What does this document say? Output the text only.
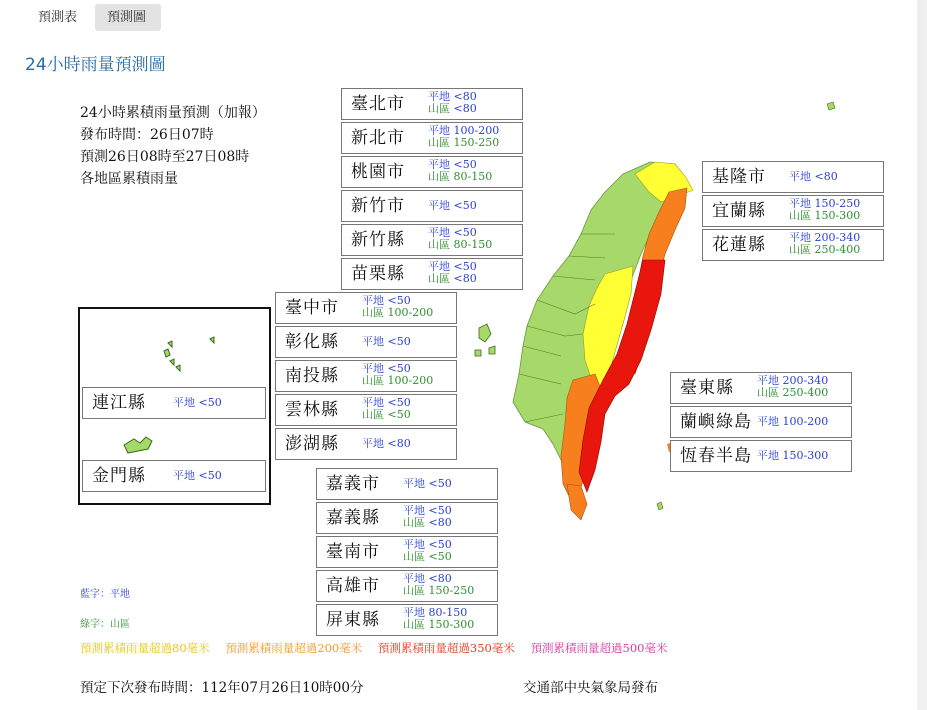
預測表	預測圖
24小時雨量預測圖
24小時累積雨量預測（加報）
發布時間：26日07時
預測26日08時至27日08時
各地區累積雨量
臺北市 平地 <80
山區 <80
新北市 平地 100-200
山區 150-250
桃園市 平地 <50
山區 80-150
新竹市 平地 <50
新竹縣 平地 <50
山區 80-150
苗栗縣 平地 <50
山區 <80
臺中市 平地 <50
山區 100-200
彰化縣 平地 <50
南投縣 平地 <50
山區 100-200
雲林縣 平地 <50
山區 <50
澎湖縣 平地 <80
嘉義市 平地 <50
嘉義縣 平地 <50
山區 <80
臺南市 平地 <50
山區 <50
高雄市 平地 <80
山區 150-250
屏東縣 平地 80-150
山區 150-300
基隆市 平地 <80
宜蘭縣 平地 150-250
山區 150-300
花蓮縣 平地 200-340
山區 250-400
臺東縣 平地 200-340
山區 250-400
蘭嶼綠島 平地 100-200
恆春半島 平地 150-300
連江縣 平地 <50
金門縣 平地 <50
藍字：平地
綠字：山區
預測累積雨量超過80毫米 預測累積雨量超過200毫米 預測累積雨量超過350毫米 預測累積雨量超過500毫米
預定下次發布時間：112年07月26日10時00分	交通部中央氣象局發布
